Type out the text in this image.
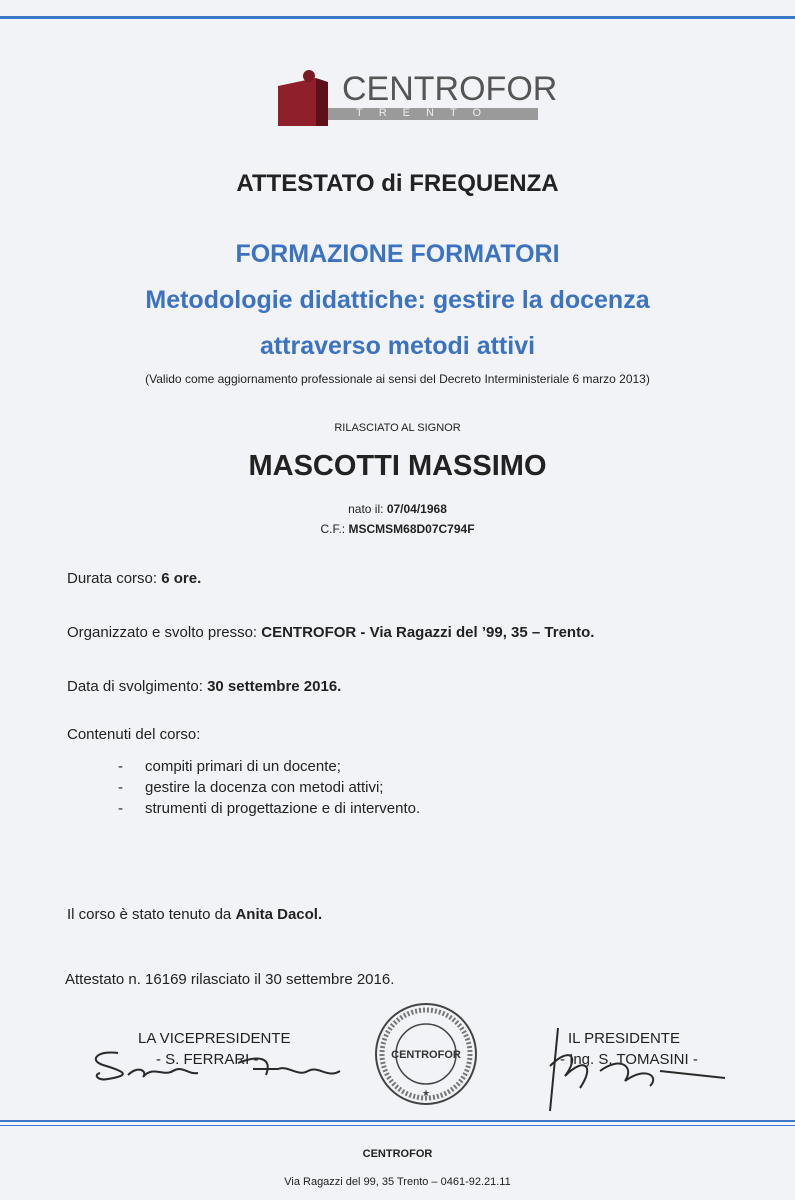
CENTROFOR
TRENTO
ATTESTATO di FREQUENZA
FORMAZIONE FORMATORI
Metodologie didattiche: gestire la docenza
attraverso metodi attivi
(Valido come aggiornamento professionale ai sensi del Decreto Interministeriale 6 marzo 2013)
RILASCIATO AL SIGNOR
MASCOTTI MASSIMO
nato il: 07/04/1968
C.F.: MSCMSM68D07C794F
Durata corso: 6 ore.
Organizzato e svolto presso: CENTROFOR - Via Ragazzi del ’99, 35 – Trento.
Data di svolgimento: 30 settembre 2016.
Contenuti del corso:
- compiti primari di un docente;
- gestire la docenza con metodi attivi;
- strumenti di progettazione e di intervento.
Il corso è stato tenuto da Anita Dacol.
Attestato n. 16169 rilasciato il 30 settembre 2016.
LA VICEPRESIDENTE
- S. FERRARI -	CENTROFOR
★
IL PRESIDENTE
- Ing. S. TOMASINI -
CENTROFOR
Via Ragazzi del 99, 35 Trento – 0461-92.21.11
